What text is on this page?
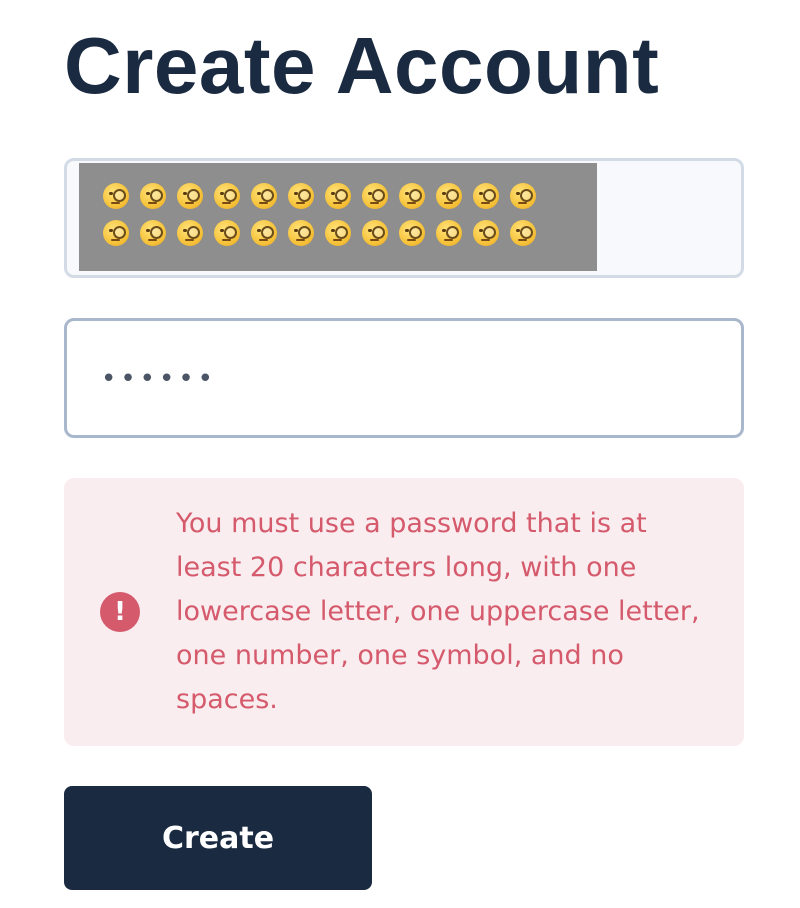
Create Account
••••••
!

You must use a password that is at least 20 characters long, with one lowercase letter, one uppercase letter, one number, one symbol, and no spaces.

Create
